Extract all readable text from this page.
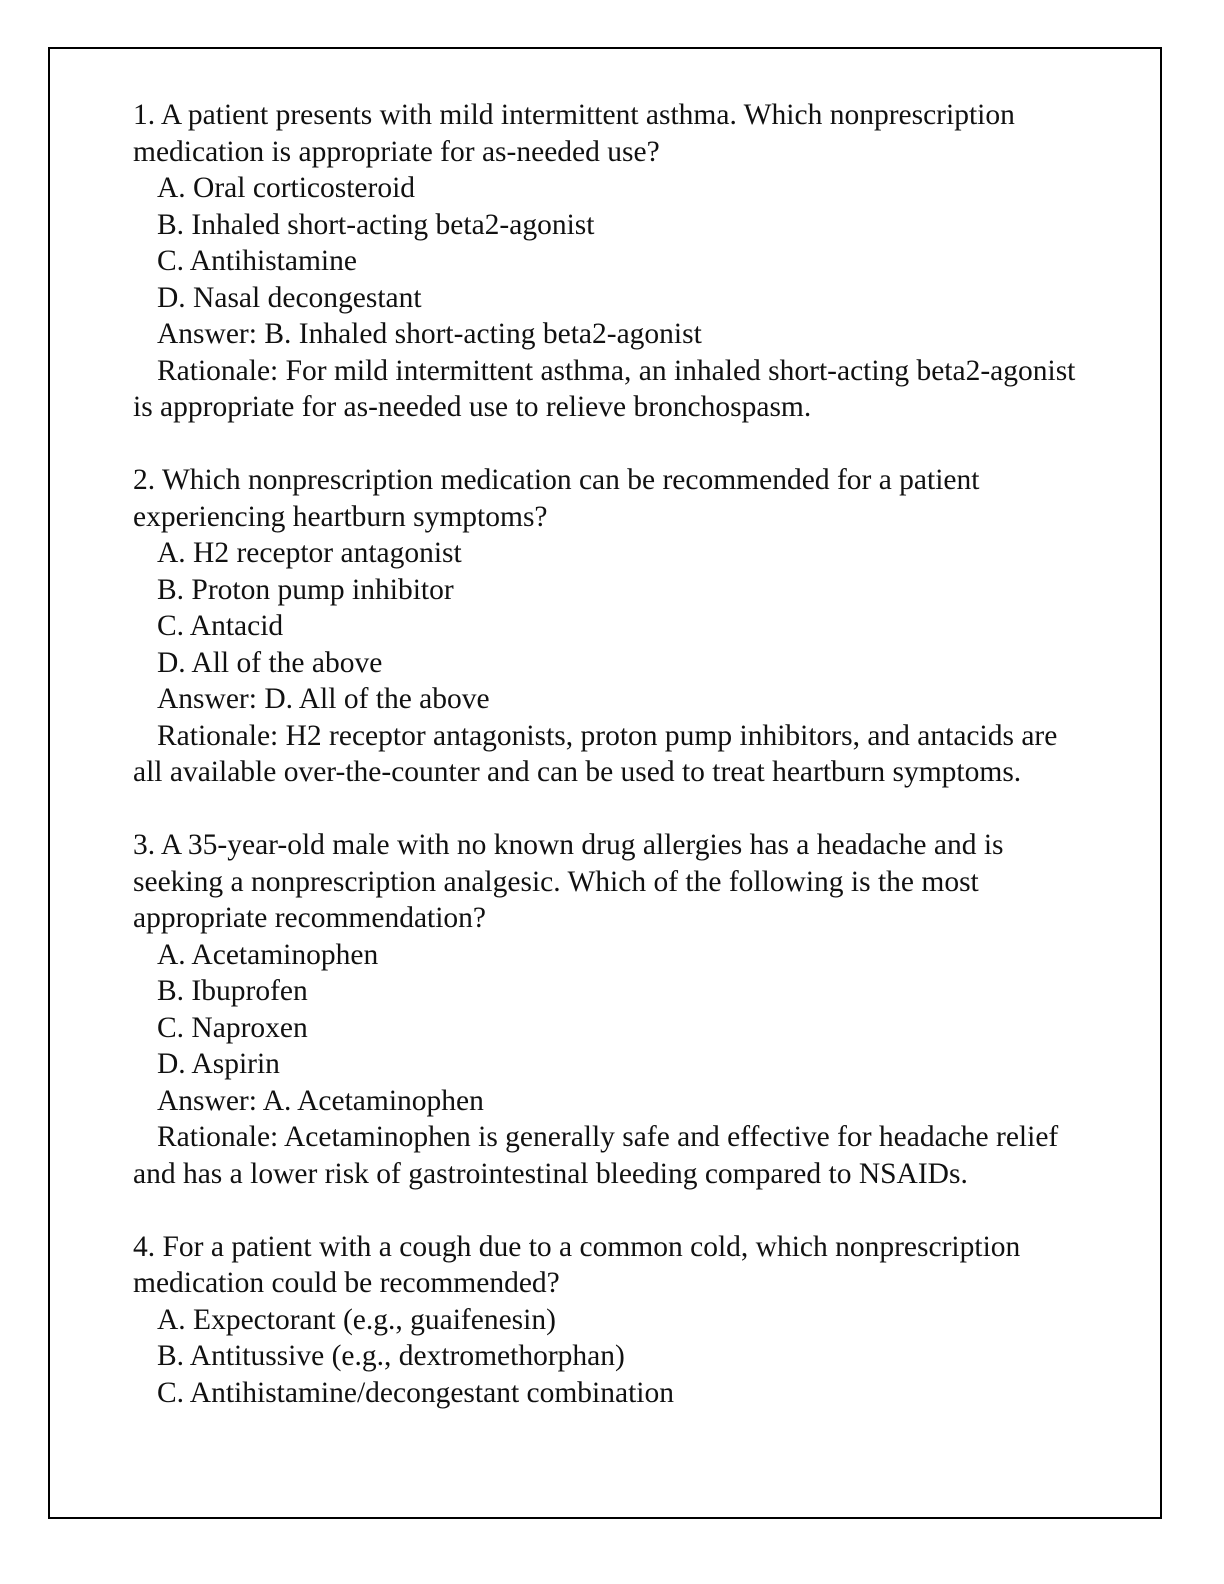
1. A patient presents with mild intermittent asthma. Which nonprescription medication is appropriate for as-needed use?

A. Oral corticosteroid

B. Inhaled short-acting beta2-agonist

C. Antihistamine

D. Nasal decongestant

Answer: B. Inhaled short-acting beta2-agonist

Rationale: For mild intermittent asthma, an inhaled short-acting beta2-agonist is appropriate for as-needed use to relieve bronchospasm.

2. Which nonprescription medication can be recommended for a patient experiencing heartburn symptoms?

A. H2 receptor antagonist

B. Proton pump inhibitor

C. Antacid

D. All of the above

Answer: D. All of the above

Rationale: H2 receptor antagonists, proton pump inhibitors, and antacids are all available over-the-counter and can be used to treat heartburn symptoms.

3. A 35-year-old male with no known drug allergies has a headache and is seeking a nonprescription analgesic. Which of the following is the most appropriate recommendation?

A. Acetaminophen

B. Ibuprofen

C. Naproxen

D. Aspirin

Answer: A. Acetaminophen

Rationale: Acetaminophen is generally safe and effective for headache relief and has a lower risk of gastrointestinal bleeding compared to NSAIDs.

4. For a patient with a cough due to a common cold, which nonprescription medication could be recommended?

A. Expectorant (e.g., guaifenesin)

B. Antitussive (e.g., dextromethorphan)

C. Antihistamine/decongestant combination
